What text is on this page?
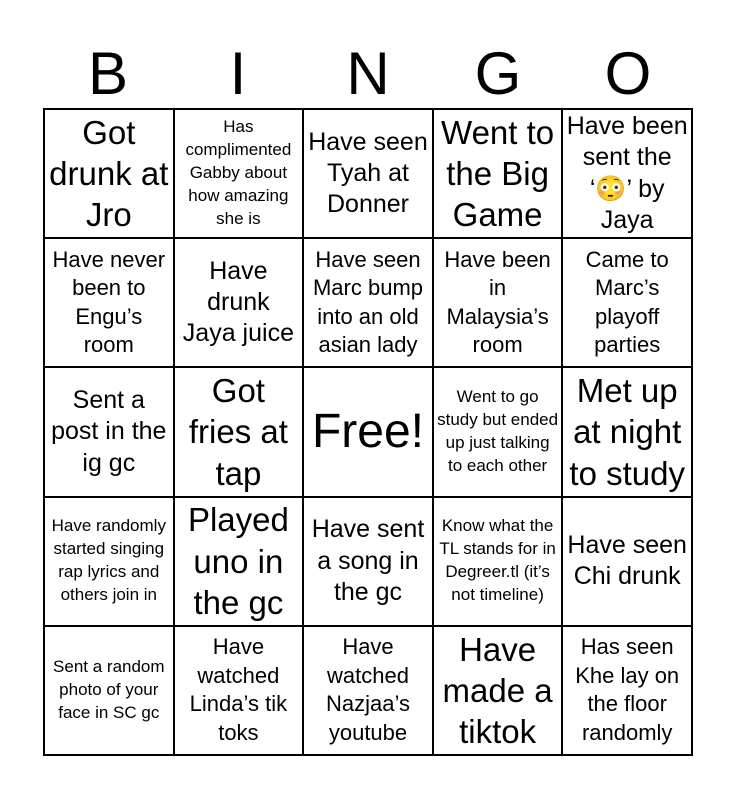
B	I	N	G	O
Got drunk at Jro
Has complimented Gabby about how amazing she is
Have seen Tyah at Donner
Went to the Big Game
Have been sent the ‘😳’ by Jaya
Have never been to Engu’s room
Have drunk Jaya juice
Have seen Marc bump into an old asian lady
Have been in Malaysia’s room
Came to Marc’s playoff parties
Sent a post in the ig gc
Got fries at tap
Free!
Went to go study but ended up just talking to each other
Met up at night to study
Have randomly started singing rap lyrics and others join in
Played uno in the gc
Have sent a song in the gc
Know what the TL stands for in Degreer.tl (it’s not timeline)
Have seen Chi drunk
Sent a random photo of your face in SC gc
Have watched Linda’s tik toks
Have watched Nazjaa’s youtube
Have made a tiktok
Has seen Khe lay on the floor randomly
